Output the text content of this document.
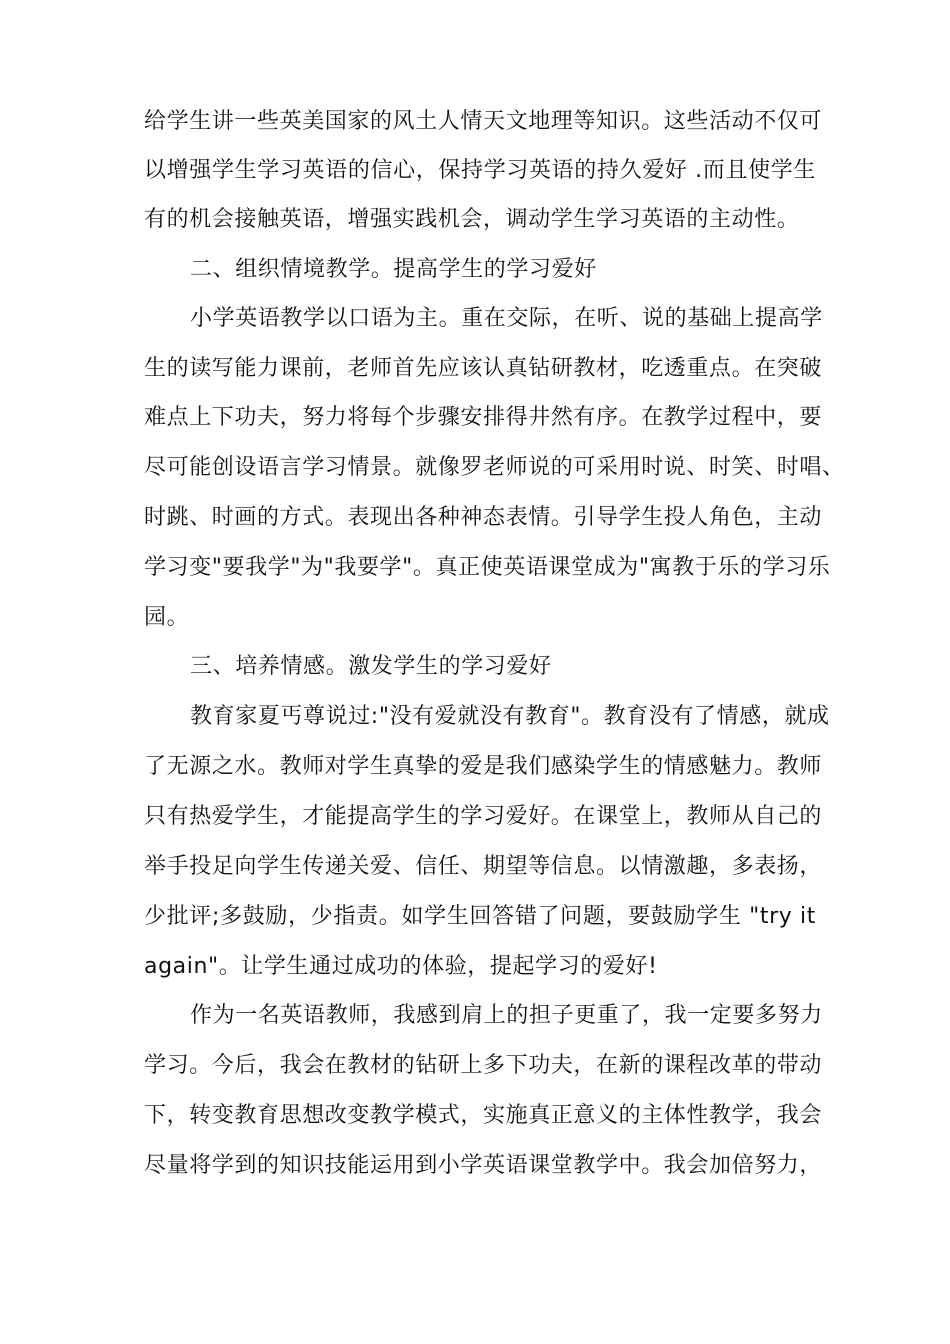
给学生讲一些英美国家的风土人情天文地理等知识。这些活动不仅可
以增强学生学习英语的信心，保持学习英语的持久爱好 .而且使学生
有的机会接触英语，增强实践机会，调动学生学习英语的主动性。
二、组织情境教学。提高学生的学习爱好
小学英语教学以口语为主。重在交际，在听、说的基础上提高学
生的读写能力课前，老师首先应该认真钻研教材，吃透重点。在突破
难点上下功夫，努力将每个步骤安排得井然有序。在教学过程中，要
尽可能创设语言学习情景。就像罗老师说的可采用时说、时笑、时唱、
时跳、时画的方式。表现出各种神态表情。引导学生投人角色，主动
学习变"要我学"为"我要学"。真正使英语课堂成为"寓教于乐的学习乐
园。
三、培养情感。激发学生的学习爱好
教育家夏丐尊说过:"没有爱就没有教育"。教育没有了情感，就成
了无源之水。教师对学生真挚的爱是我们感染学生的情感魅力。教师
只有热爱学生，才能提高学生的学习爱好。在课堂上，教师从自己的
举手投足向学生传递关爱、信任、期望等信息。以情激趣，多表扬，
少批评;多鼓励，少指责。如学生回答错了问题，要鼓励学生 "try it
again"。让学生通过成功的体验，提起学习的爱好!
作为一名英语教师，我感到肩上的担子更重了，我一定要多努力
学习。今后，我会在教材的钻研上多下功夫，在新的课程改革的带动
下，转变教育思想改变教学模式，实施真正意义的主体性教学，我会
尽量将学到的知识技能运用到小学英语课堂教学中。我会加倍努力，
